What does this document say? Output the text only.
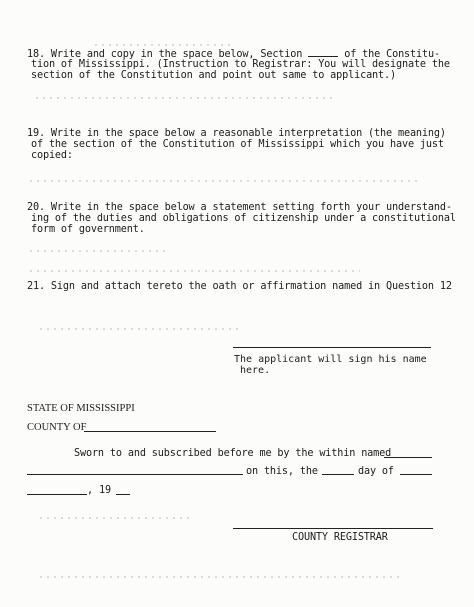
18. Write and copy in the space below, Section	of the Constitu-
tion of Mississippi. (Instruction to Registrar: You will designate the
section of the Constitution and point out same to applicant.)
19. Write in the space below a reasonable interpretation (the meaning)
of the section of the Constitution of Mississippi which you have just
copied:
20. Write in the space below a statement setting forth your understand-
ing of the duties and obligations of citizenship under a constitutional
form of government.
21. Sign and attach tereto the oath or affirmation named in Question 12
The applicant will sign his name
here.
STATE OF MISSISSIPPI
COUNTY OF
Sworn to and subscribed before me by the within named
on this, the	day of
, 19
COUNTY REGISTRAR
